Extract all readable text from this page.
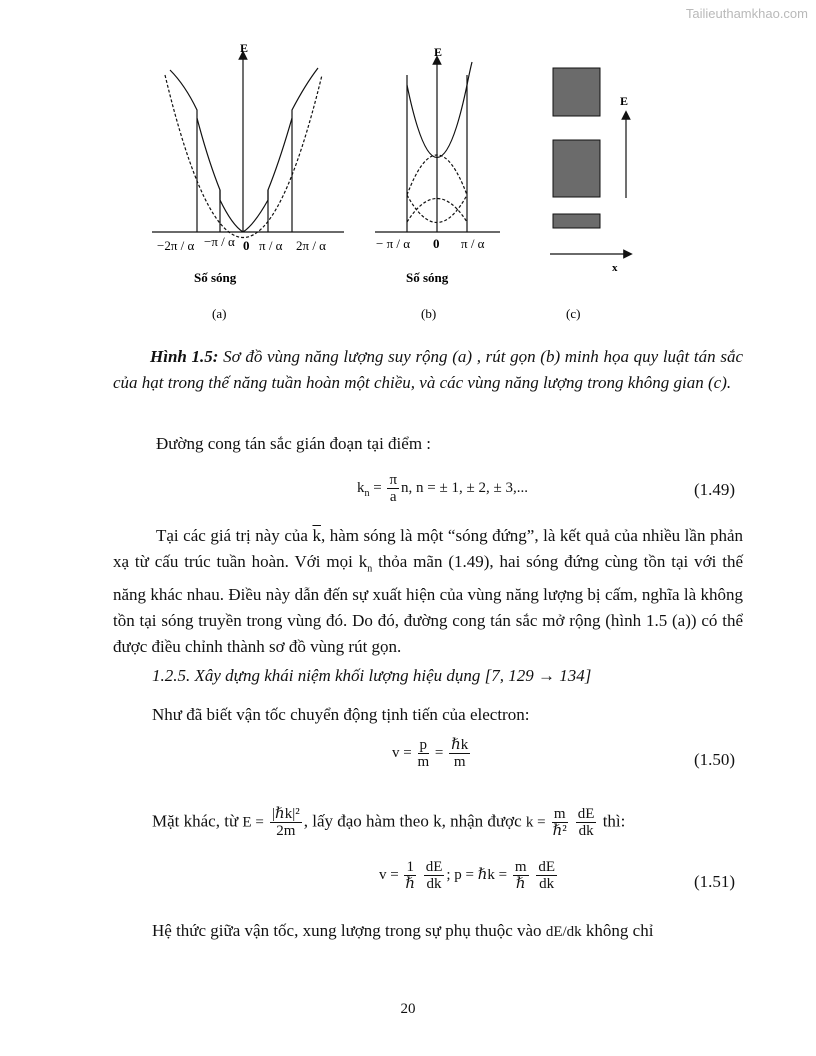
Tailieuthamkhao.com
E
−2π / α −π / α 0 π / α 2π / α
Số sóng
(a)
E
− π / α 0 π / α
Số sóng
(b)
E
x
(c)
Hình 1.5: Sơ đồ vùng năng lượng suy rộng (a) , rút gọn (b) minh họa quy luật tán sắc của hạt trong thế năng tuần hoàn một chiều, và các vùng năng lượng trong không gian (c).
Đường cong tán sắc gián đoạn tại điểm :
$k_n = \frac{\pi}{a} n$, n = ± 1, ± 2, ± 3,...	(1.49)
Tại các giá trị này của $\overline{k}$, hàm sóng là một “sóng đứng”, là kết quả của nhiều lần phản xạ từ cấu trúc tuần hoàn. Với mọi $k_n$ thỏa mãn (1.49), hai sóng đứng cùng tồn tại với thế năng khác nhau. Điều này dẫn đến sự xuất hiện của vùng năng lượng bị cấm, nghĩa là không tồn tại sóng truyền trong vùng đó. Do đó, đường cong tán sắc mở rộng (hình 1.5 (a)) có thể được điều chỉnh thành sơ đồ vùng rút gọn.
1.2.5. Xây dựng khái niệm khối lượng hiệu dụng [7, 129 → 134]
Như đã biết vận tốc chuyển động tịnh tiến của electron:
$v = \frac{p}{m} = \frac{\text{ℏk}}{m}$	(1.50)
Mặt khác, từ $E = \frac{\text{|ℏk|²}}{2m}$ , lấy đạo hàm theo k, nhận được $k = \frac{m}{\text{ℏ²}}$
$\frac{dE}{dk}$ thì:
$v = \frac{1}{\text{ℏ}}$
$\frac{dE}{dk}$ ; p = ℏk = $\frac{m}{\text{ℏ}}$
$\frac{dE}{dk}$	(1.51)
Hệ thức giữa vận tốc, xung lượng trong sự phụ thuộc vào dE/dk không chỉ
20
